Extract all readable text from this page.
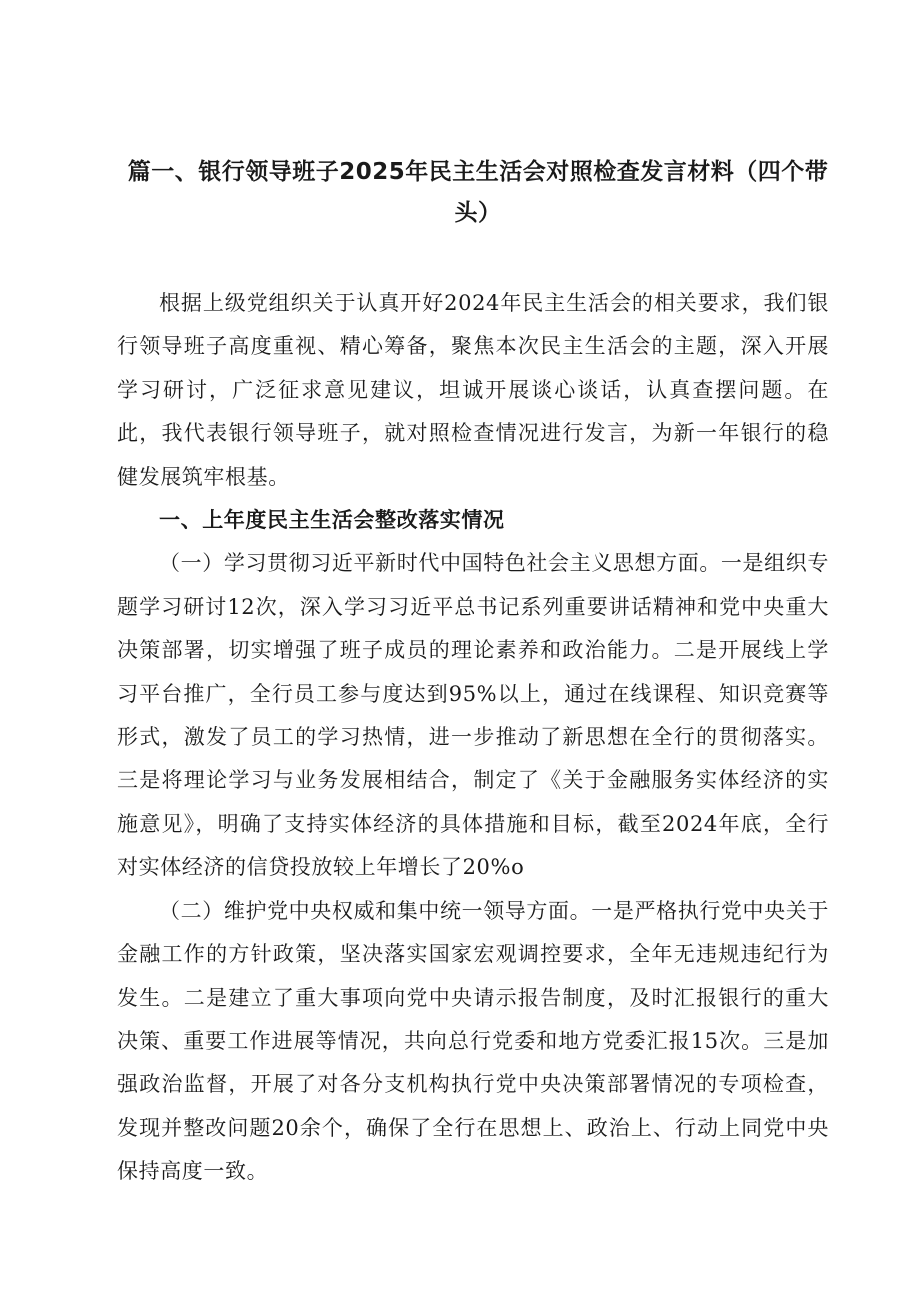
篇一、银行领导班子2025年民主生活会对照检查发言材料（四个带头）

根据上级党组织关于认真开好2024年民主生活会的相关要求，我们银行领导班子高度重视、精心筹备，聚焦本次民主生活会的主题，深入开展学习研讨，广泛征求意见建议，坦诚开展谈心谈话，认真查摆问题。在此，我代表银行领导班子，就对照检查情况进行发言，为新一年银行的稳健发展筑牢根基。

一、上年度民主生活会整改落实情况

（一）学习贯彻习近平新时代中国特色社会主义思想方面。一是组织专题学习研讨12次，深入学习习近平总书记系列重要讲话精神和党中央重大决策部署，切实增强了班子成员的理论素养和政治能力。二是开展线上学习平台推广，全行员工参与度达到95%以上，通过在线课程、知识竞赛等形式，激发了员工的学习热情，进一步推动了新思想在全行的贯彻落实。三是将理论学习与业务发展相结合，制定了《关于金融服务实体经济的实施意见》，明确了支持实体经济的具体措施和目标，截至2024年底，全行对实体经济的信贷投放较上年增长了20%o

（二）维护党中央权威和集中统一领导方面。一是严格执行党中央关于金融工作的方针政策，坚决落实国家宏观调控要求，全年无违规违纪行为发生。二是建立了重大事项向党中央请示报告制度，及时汇报银行的重大决策、重要工作进展等情况，共向总行党委和地方党委汇报15次。三是加强政治监督，开展了对各分支机构执行党中央决策部署情况的专项检查，发现并整改问题20余个，确保了全行在思想上、政治上、行动上同党中央保持高度一致。
